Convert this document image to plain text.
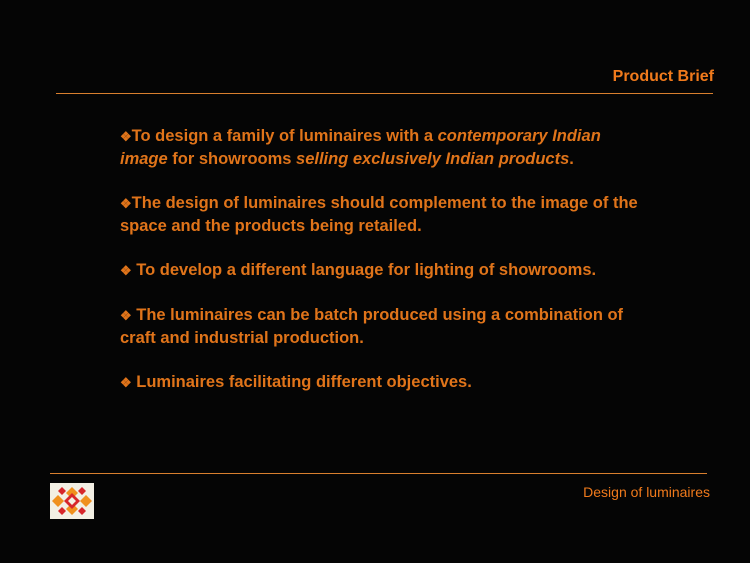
Product Brief

❖To design a family of luminaires with a contemporary Indian image for showrooms selling exclusively Indian products.

❖The design of luminaires should complement to the image of the space and the products being retailed.

❖ To develop a different language for lighting of showrooms.

❖ The luminaires can be batch produced using a combination of craft and industrial production.

❖ Luminaires facilitating different objectives.

Design of luminaires
